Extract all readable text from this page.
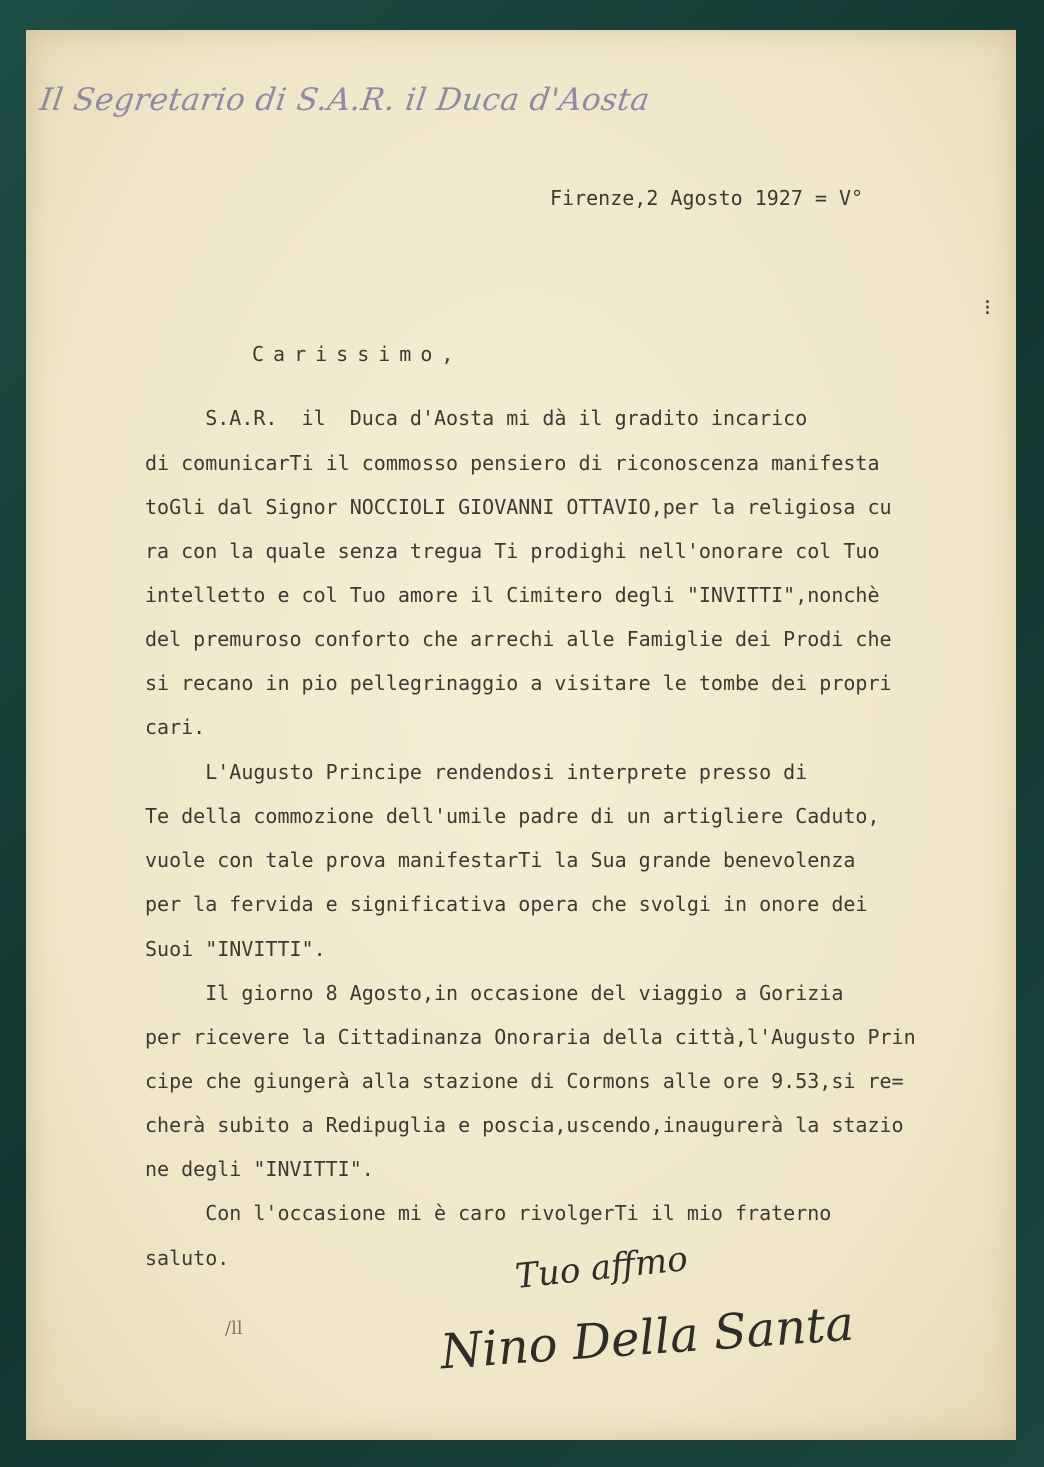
Il Segretario di S.A.R. il Duca d'Aosta
Firenze,2 Agosto 1927 = V°
Carissimo,
S.A.R.  il  Duca d'Aosta mi dà il gradito incarico
di comunicarTi il commosso pensiero di riconoscenza manifesta
toGli dal Signor NOCCIOLI GIOVANNI OTTAVIO,per la religiosa cu
ra con la quale senza tregua Ti prodighi nell'onorare col Tuo
intelletto e col Tuo amore il Cimitero degli "INVITTI",nonchè
del premuroso conforto che arrechi alle Famiglie dei Prodi che
si recano in pio pellegrinaggio a visitare le tombe dei propri
cari.
L'Augusto Principe rendendosi interprete presso di
Te della commozione dell'umile padre di un artigliere Caduto,
vuole con tale prova manifestarTi la Sua grande benevolenza
per la fervida e significativa opera che svolgi in onore dei
Suoi "INVITTI".
Il giorno 8 Agosto,in occasione del viaggio a Gorizia
per ricevere la Cittadinanza Onoraria della città,l'Augusto Prin
cipe che giungerà alla stazione di Cormons alle ore 9.53,si re=
cherà subito a Redipuglia e poscia,uscendo,inaugurerà la stazio
ne degli "INVITTI".
Con l'occasione mi è caro rivolgerTi il mio fraterno
saluto.	Tuo affmo
Nino Della Santa
/ll
⁝
